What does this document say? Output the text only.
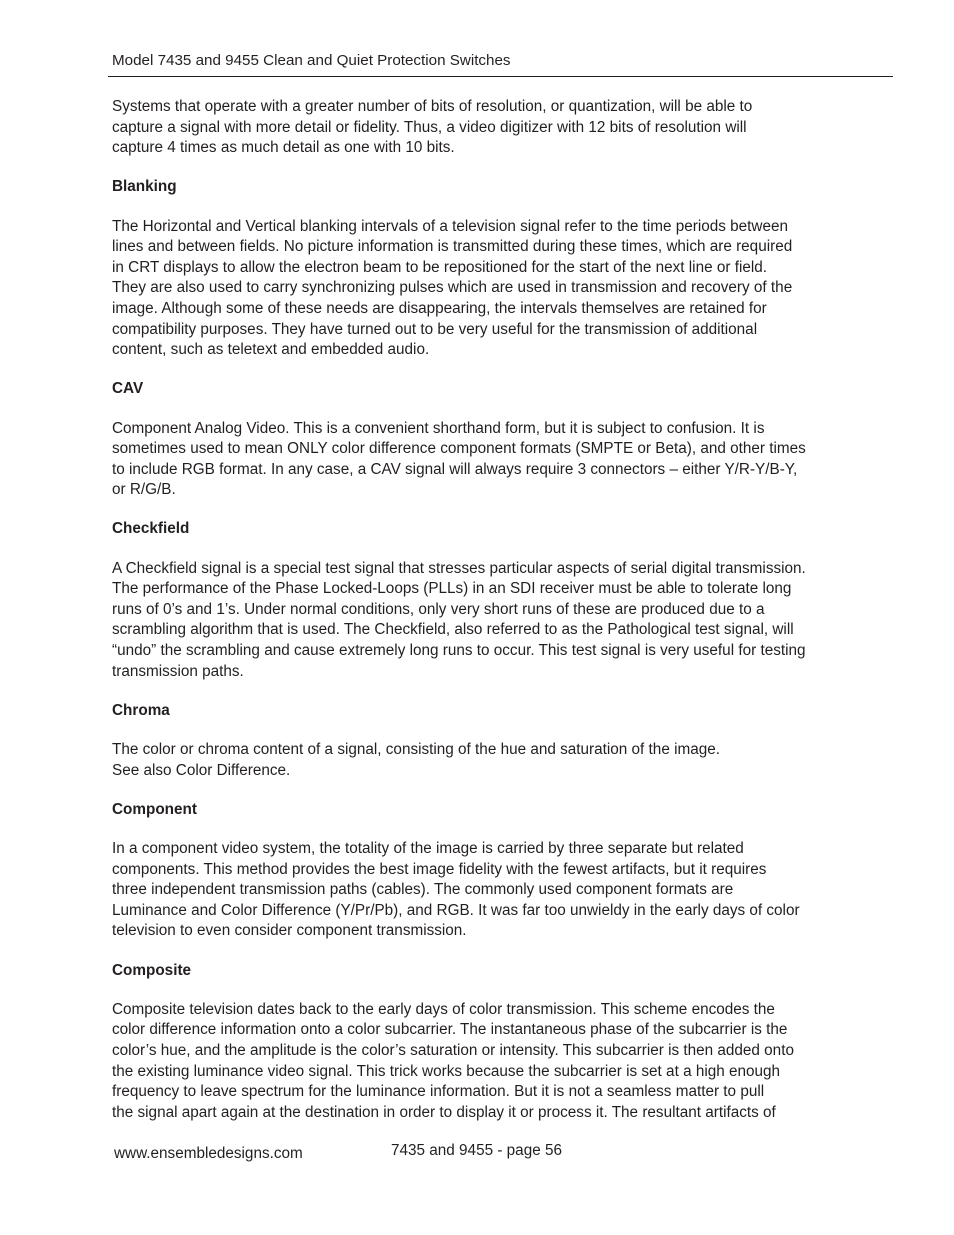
Model 7435 and 9455 Clean and Quiet Protection Switches
Systems that operate with a greater number of bits of resolution, or quantization, will be able to
capture a signal with more detail or fidelity. Thus, a video digitizer with 12 bits of resolution will
capture 4 times as much detail as one with 10 bits.
Blanking
The Horizontal and Vertical blanking intervals of a television signal refer to the time periods between
lines and between fields. No picture information is transmitted during these times, which are required
in CRT displays to allow the electron beam to be repositioned for the start of the next line or field.
They are also used to carry synchronizing pulses which are used in transmission and recovery of the
image. Although some of these needs are disappearing, the intervals themselves are retained for
compatibility purposes. They have turned out to be very useful for the transmission of additional
content, such as teletext and embedded audio.
CAV
Component Analog Video. This is a convenient shorthand form, but it is subject to confusion. It is
sometimes used to mean ONLY color difference component formats (SMPTE or Beta), and other times
to include RGB format. In any case, a CAV signal will always require 3 connectors – either Y/R-Y/B-Y,
or R/G/B.
Checkfield
A Checkfield signal is a special test signal that stresses particular aspects of serial digital transmission.
The performance of the Phase Locked-Loops (PLLs) in an SDI receiver must be able to tolerate long
runs of 0’s and 1’s. Under normal conditions, only very short runs of these are produced due to a
scrambling algorithm that is used. The Checkfield, also referred to as the Pathological test signal, will
“undo” the scrambling and cause extremely long runs to occur. This test signal is very useful for testing
transmission paths.
Chroma
The color or chroma content of a signal, consisting of the hue and saturation of the image.
See also Color Difference.
Component
In a component video system, the totality of the image is carried by three separate but related
components. This method provides the best image fidelity with the fewest artifacts, but it requires
three independent transmission paths (cables). The commonly used component formats are
Luminance and Color Difference (Y/Pr/Pb), and RGB. It was far too unwieldy in the early days of color
television to even consider component transmission.
Composite
Composite television dates back to the early days of color transmission. This scheme encodes the
color difference information onto a color subcarrier. The instantaneous phase of the subcarrier is the
color’s hue, and the amplitude is the color’s saturation or intensity. This subcarrier is then added onto
the existing luminance video signal. This trick works because the subcarrier is set at a high enough
frequency to leave spectrum for the luminance information. But it is not a seamless matter to pull
the signal apart again at the destination in order to display it or process it. The resultant artifacts of
www.ensembledesigns.com	7435 and 9455 - page 56
